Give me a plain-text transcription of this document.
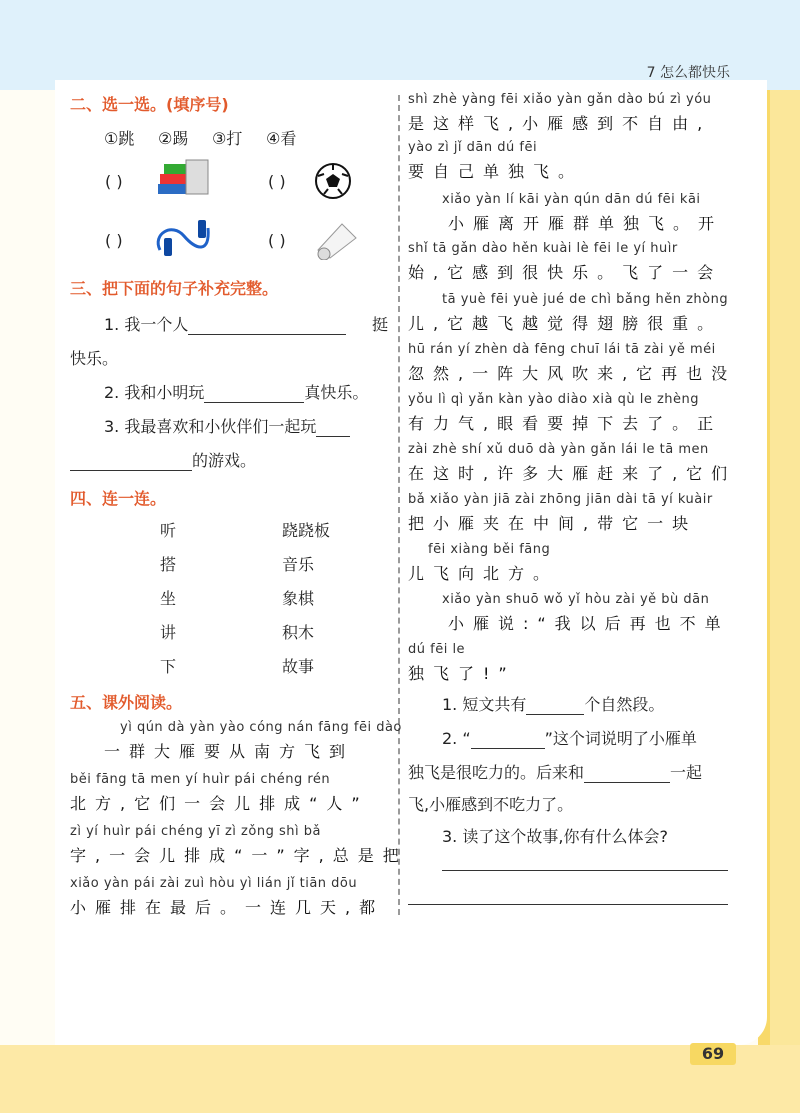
7 怎么都快乐
69
二、选一选。(填序号)
①跳 ②踢 ③打 ④看
( )	( )
( )	( )
三、把下面的句子补充完整。
1. 我一个人	挺
快乐。
2. 我和小明玩	真快乐。
3. 我最喜欢和小伙伴们一起玩
的游戏。
四、连一连。
听
搭
坐
讲
下
跷跷板
音乐
象棋
积木
故事
五、课外阅读。
yì qún dà yàn yào cóng nán fāng fēi dào
一群大雁要从南方飞到
běi fāng tā men yí huìr pái chéng rén
北方,它们一会儿排成“人”
zì yí huìr pái chéng yī zì zǒng shì bǎ
字,一会儿排成“一”字,总是把
xiǎo yàn pái zài zuì hòu yì lián jǐ tiān dōu
小雁排在最后。一连几天,都
shì zhè yàng fēi xiǎo yàn gǎn dào bú zì yóu
是这样飞,小雁感到不自由,
yào zì jǐ dān dú fēi
要自己单独飞。
xiǎo yàn lí kāi yàn qún dān dú fēi kāi
小雁离开雁群单独飞。开
shǐ tā gǎn dào hěn kuài lè fēi le yí huìr
始,它感到很快乐。飞了一会
tā yuè fēi yuè jué de chì bǎng hěn zhòng
儿,它越飞越觉得翅膀很重。
hū rán yí zhèn dà fēng chuī lái tā zài yě méi
忽然,一阵大风吹来,它再也没
yǒu lì qì yǎn kàn yào diào xià qù le zhèng
有力气,眼看要掉下去了。正
zài zhè shí xǔ duō dà yàn gǎn lái le tā men
在这时,许多大雁赶来了,它们
bǎ xiǎo yàn jiā zài zhōng jiān dài tā yí kuàir
把小雁夹在中间,带它一块
fēi xiàng běi fāng
儿飞向北方。
xiǎo yàn shuō wǒ yǐ hòu zài yě bù dān
小雁说:“我以后再也不单
dú fēi le
独飞了!”
1. 短文共有	个自然段。
2. “	”这个词说明了小雁单
独飞是很吃力的。后来和	一起
飞,小雁感到不吃力了。
3. 读了这个故事,你有什么体会?
